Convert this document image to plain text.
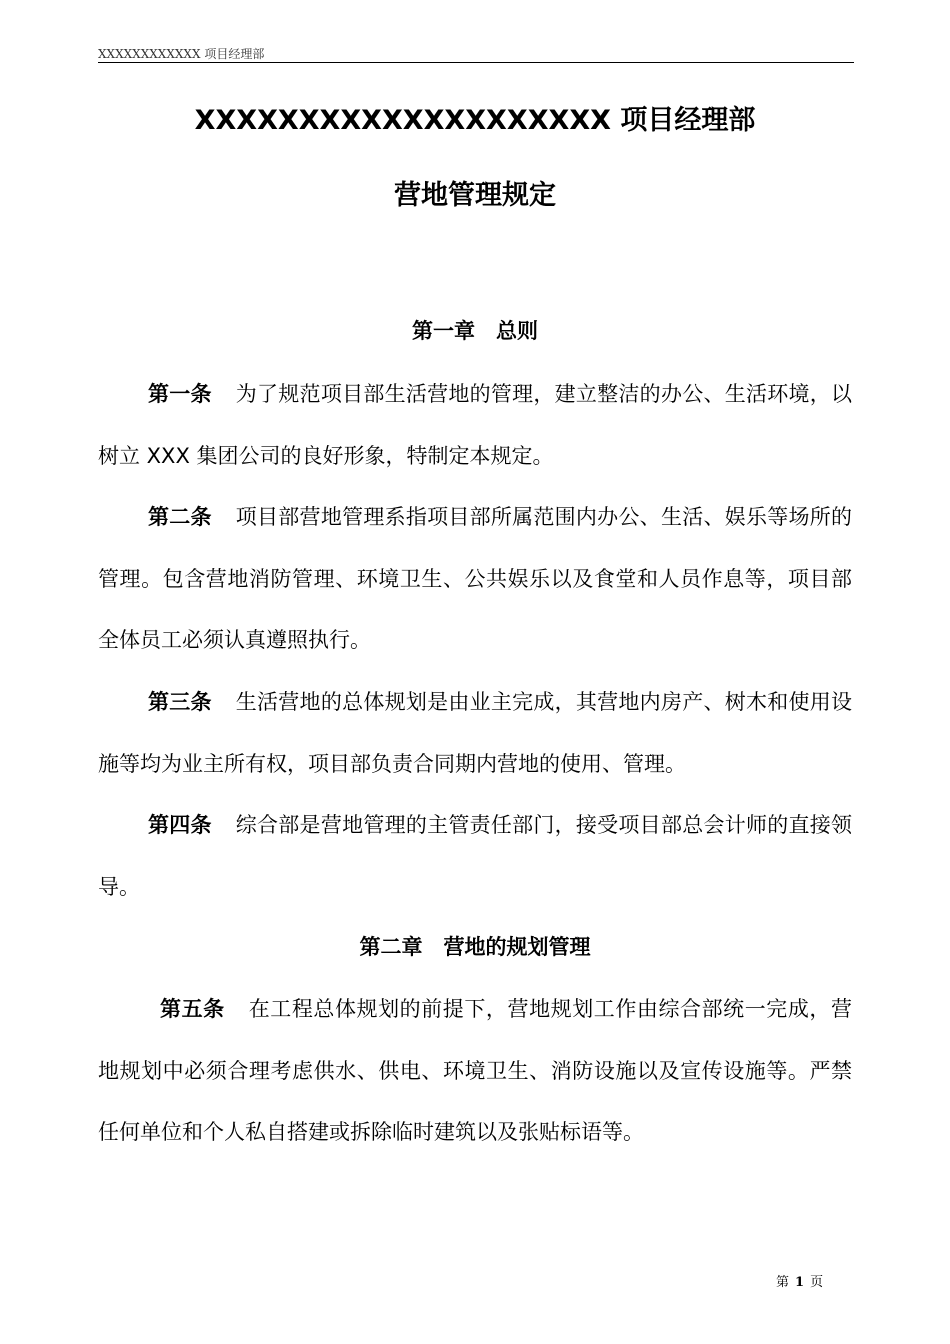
XXXXXXXXXXXX 项目经理部
XXXXXXXXXXXXXXXXXXXX 项目经理部
营地管理规定
第一章　总则
第一条 为了规范项目部生活营地的管理，建立整洁的办公、生活环境，以树立 XXX 集团公司的良好形象，特制定本规定。
第二条 项目部营地管理系指项目部所属范围内办公、生活、娱乐等场所的管理。包含营地消防管理、环境卫生、公共娱乐以及食堂和人员作息等，项目部全体员工必须认真遵照执行。
第三条 生活营地的总体规划是由业主完成，其营地内房产、树木和使用设施等均为业主所有权，项目部负责合同期内营地的使用、管理。
第四条 综合部是营地管理的主管责任部门，接受项目部总会计师的直接领导。
第二章　营地的规划管理
第五条 在工程总体规划的前提下，营地规划工作由综合部统一完成，营地规划中必须合理考虑供水、供电、环境卫生、消防设施以及宣传设施等。严禁任何单位和个人私自搭建或拆除临时建筑以及张贴标语等。
第 1 页
